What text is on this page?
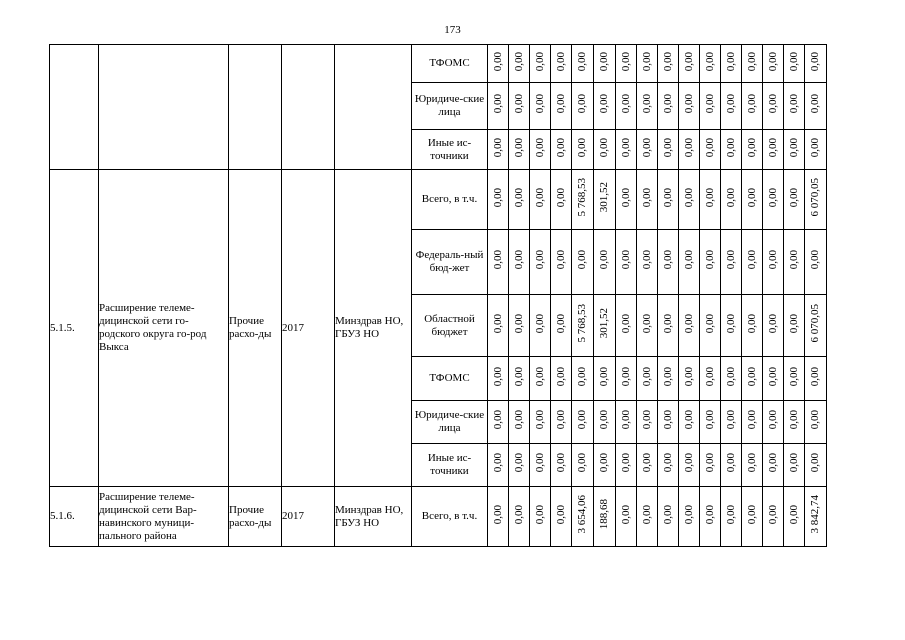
173
					ТФОМС	0,00	0,00	0,00	0,00	0,00	0,00	0,00	0,00	0,00	0,00	0,00	0,00	0,00	0,00	0,00	0,00
					Юридиче-ские лица	0,00	0,00	0,00	0,00	0,00	0,00	0,00	0,00	0,00	0,00	0,00	0,00	0,00	0,00	0,00	0,00
					Иные ис-точники	0,00	0,00	0,00	0,00	0,00	0,00	0,00	0,00	0,00	0,00	0,00	0,00	0,00	0,00	0,00	0,00
5.1.5.	Расширение телеме-дицинской сети го-родского округа го-род Выкса	Прочие расхо-ды	2017	Минздрав НО, ГБУЗ НО	Всего, в т.ч.	0,00	0,00	0,00	0,00	5 768,53	301,52	0,00	0,00	0,00	0,00	0,00	0,00	0,00	0,00	0,00	6 070,05
					Федераль-ный бюд-жет	0,00	0,00	0,00	0,00	0,00	0,00	0,00	0,00	0,00	0,00	0,00	0,00	0,00	0,00	0,00	0,00
					Областной бюджет	0,00	0,00	0,00	0,00	5 768,53	301,52	0,00	0,00	0,00	0,00	0,00	0,00	0,00	0,00	0,00	6 070,05
					ТФОМС	0,00	0,00	0,00	0,00	0,00	0,00	0,00	0,00	0,00	0,00	0,00	0,00	0,00	0,00	0,00	0,00
					Юридиче-ские лица	0,00	0,00	0,00	0,00	0,00	0,00	0,00	0,00	0,00	0,00	0,00	0,00	0,00	0,00	0,00	0,00
					Иные ис-точники	0,00	0,00	0,00	0,00	0,00	0,00	0,00	0,00	0,00	0,00	0,00	0,00	0,00	0,00	0,00	0,00
5.1.6.	Расширение телеме-дицинской сети Вар-навинского муници-пального района	Прочие расхо-ды	2017	Минздрав НО, ГБУЗ НО	Всего, в т.ч.	0,00	0,00	0,00	0,00	3 654,06	188,68	0,00	0,00	0,00	0,00	0,00	0,00	0,00	0,00	0,00	3 842,74
